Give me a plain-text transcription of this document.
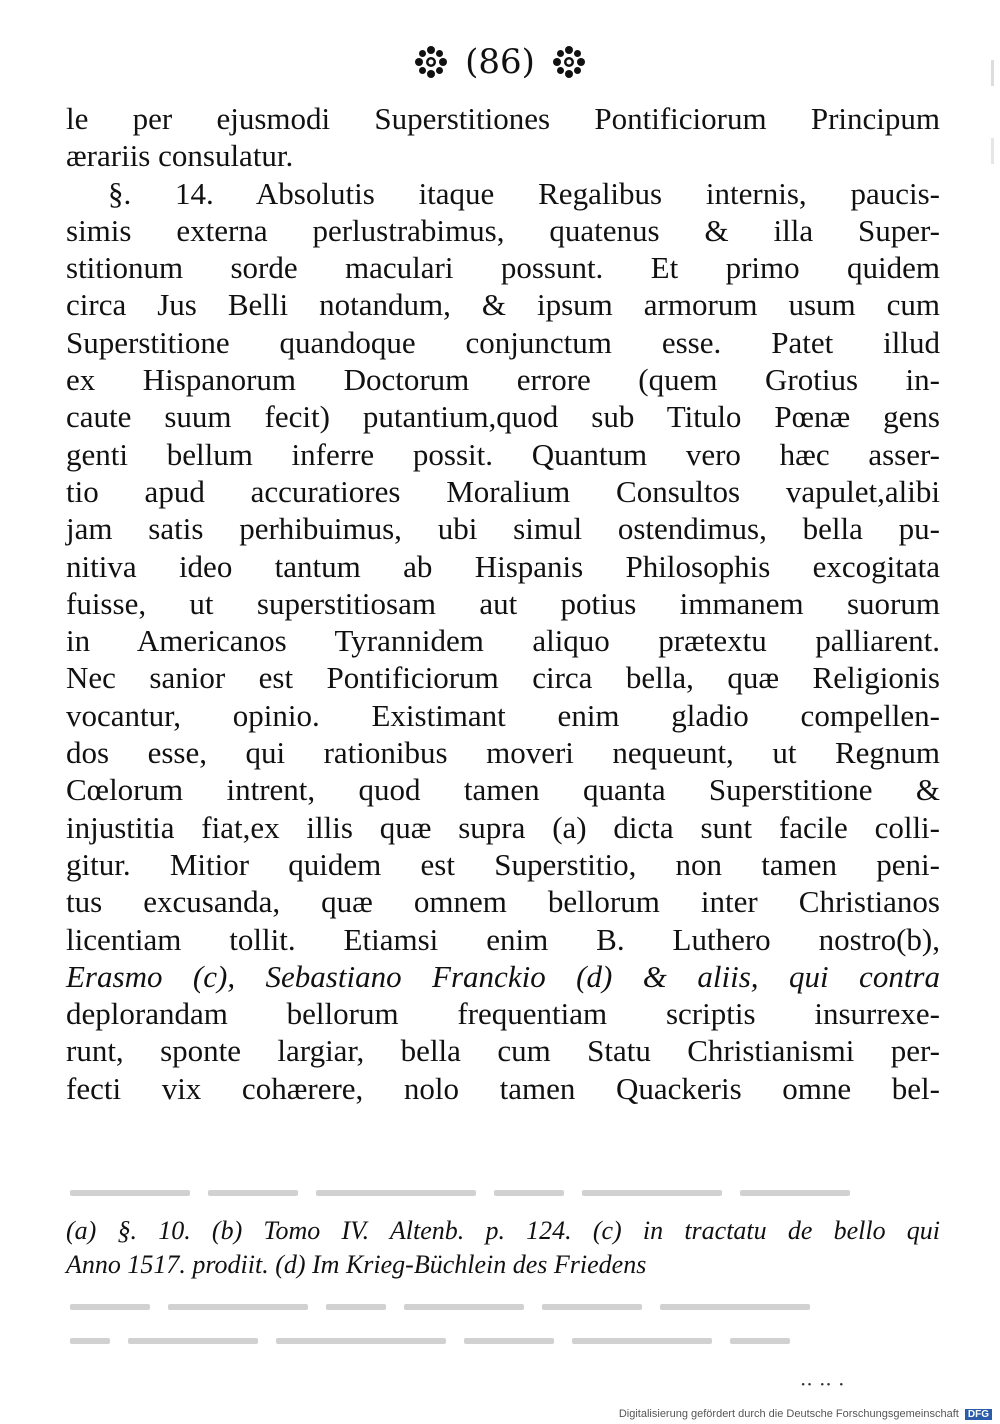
(86)
le per ejusmodi Superstitiones Pontificiorum Principum
ærariis consulatur.
§. 14. Absolutis itaque Regalibus internis, paucis-
simis externa perlustrabimus, quatenus & illa Super-
stitionum sorde maculari possunt. Et primo quidem
circa Jus Belli notandum, & ipsum armorum usum cum
Superstitione quandoque conjunctum esse. Patet illud
ex Hispanorum Doctorum errore (quem Grotius in-
caute suum fecit) putantium,quod sub Titulo Pœnæ gens
genti bellum inferre possit. Quantum vero hæc asser-
tio apud accuratiores Moralium Consultos vapulet,alibi
jam satis perhibuimus, ubi simul ostendimus, bella pu-
nitiva ideo tantum ab Hispanis Philosophis excogitata
fuisse, ut superstitiosam aut potius immanem suorum
in Americanos Tyrannidem aliquo prætextu palliarent.
Nec sanior est Pontificiorum circa bella, quæ Religionis
vocantur, opinio. Existimant enim gladio compellen-
dos esse, qui rationibus moveri nequeunt, ut Regnum
Cœlorum intrent, quod tamen quanta Superstitione &
injustitia fiat,ex illis quæ supra (a) dicta sunt facile colli-
gitur. Mitior quidem est Superstitio, non tamen peni-
tus excusanda, quæ omnem bellorum inter Christianos
licentiam tollit. Etiamsi enim B. Luthero nostro(b),
Erasmo (c), Sebastiano Franckio (d) & aliis, qui contra
deplorandam bellorum frequentiam scriptis insurrexe-
runt, sponte largiar, bella cum Statu Christianismi per-
fecti vix cohærere, nolo tamen Quackeris omne bel-
(a) §. 10. (b) Tomo IV. Altenb. p. 124. (c) in tractatu de bello qui
Anno 1517. prodiit. (d) Im Krieg-Büchlein des Friedens
·· ·· ·
Digitalisierung gefördert durch die Deutsche Forschungsgemeinschaft DFG
